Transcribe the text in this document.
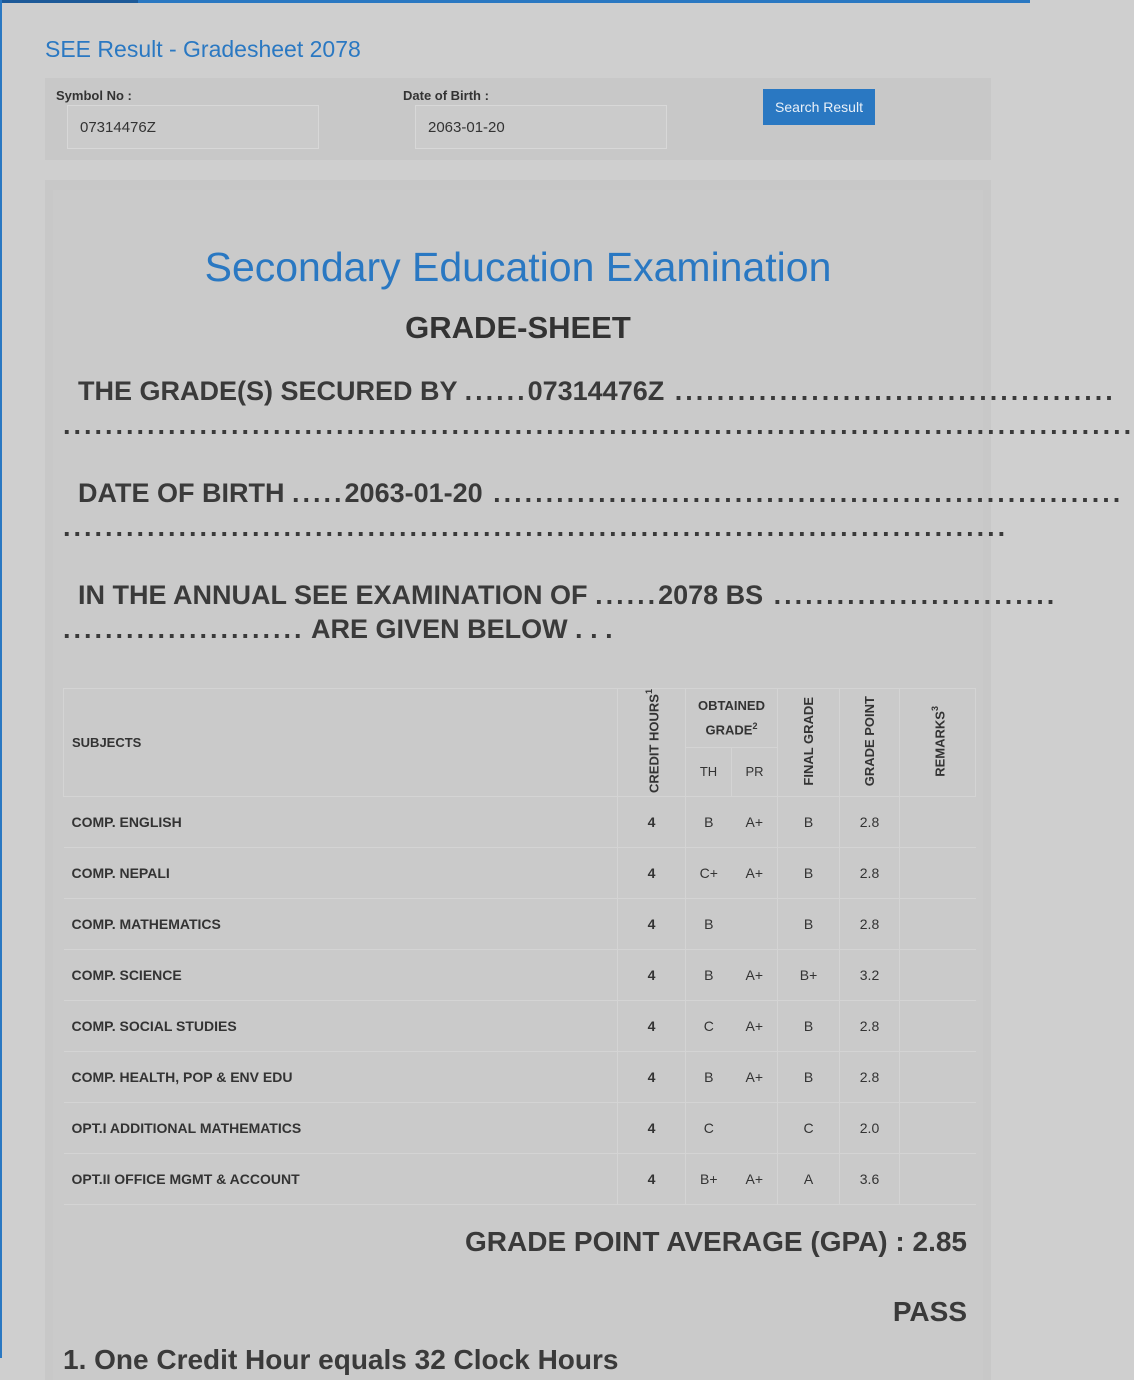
SEE Result - Gradesheet 2078
Symbol No :
07314476Z	Date of Birth :
2063-01-20
Search Result
Secondary Education Examination
GRADE-SHEET
THE GRADE(S) SECURED BY ......07314476Z ..........................................
......................................................................................................
DATE OF BIRTH .....2063-01-20 ............................................................
..........................................................................................
IN THE ANNUAL SEE EXAMINATION OF ......2078 BS ...........................
....................... ARE GIVEN BELOW . . .
SUBJECTS	CREDIT HOURS$^1$	OBTAINED GRADE$^2$		FINAL GRADE	GRADE POINT	REMARKS$^3$
		TH	PR			
COMP. ENGLISH	4	B	A+	B	2.8	
COMP. NEPALI	4	C+	A+	B	2.8	
COMP. MATHEMATICS	4	B		B	2.8	
COMP. SCIENCE	4	B	A+	B+	3.2	
COMP. SOCIAL STUDIES	4	C	A+	B	2.8	
COMP. HEALTH, POP & ENV EDU	4	B	A+	B	2.8	
OPT.I ADDITIONAL MATHEMATICS	4	C		C	2.0	
OPT.II OFFICE MGMT & ACCOUNT	4	B+	A+	A	3.6	
GRADE POINT AVERAGE (GPA) : 2.85
PASS
1. One Credit Hour equals 32 Clock Hours
